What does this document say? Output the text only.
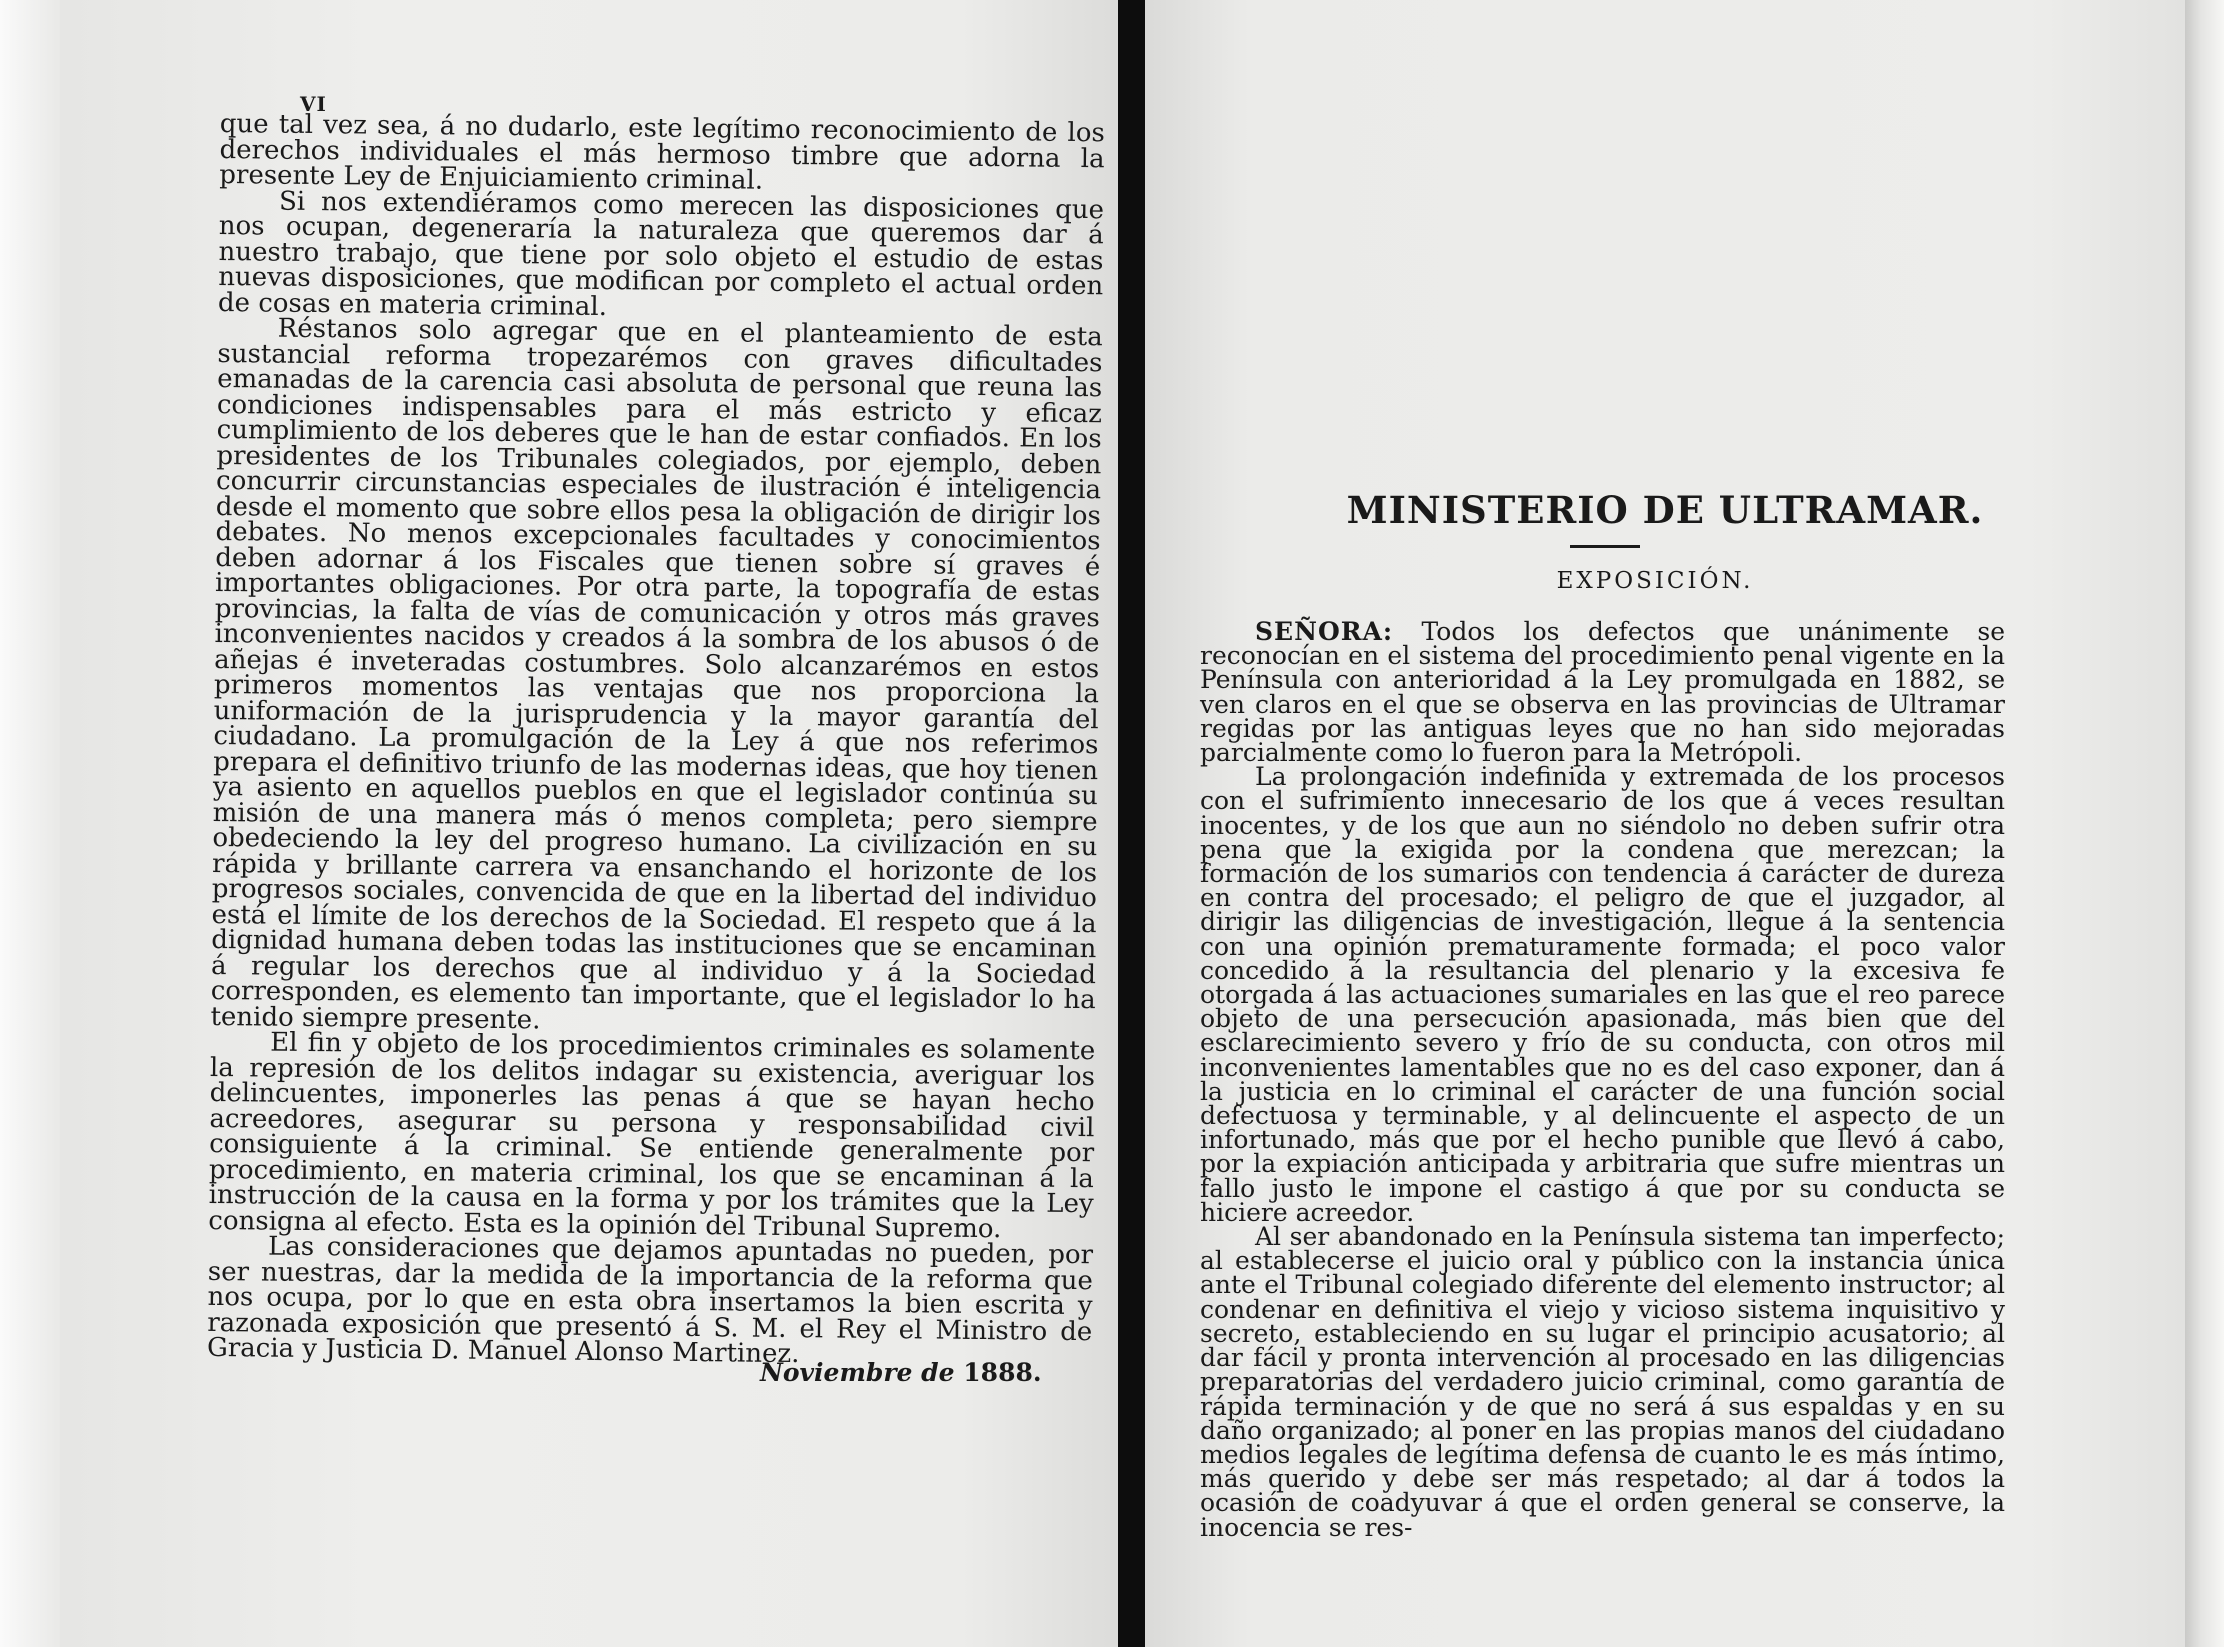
VI

que tal vez sea, á no dudarlo, este legítimo reconocimiento de los derechos individuales el más hermoso timbre que adorna la presente Ley de Enjuiciamiento criminal.

Si nos extendiéramos como merecen las disposiciones que nos ocupan, degeneraría la naturaleza que queremos dar á nuestro trabajo, que tiene por solo objeto el estudio de estas nuevas disposiciones, que modifican por completo el actual orden de cosas en materia criminal.

Réstanos solo agregar que en el planteamiento de esta sustancial reforma tropezarémos con graves dificultades emanadas de la carencia casi absoluta de personal que reuna las condiciones indispensables para el más estricto y eficaz cumplimiento de los deberes que le han de estar confiados. En los presidentes de los Tribunales colegiados, por ejemplo, deben concurrir circunstancias especiales de ilustración é inteligencia desde el momento que sobre ellos pesa la obligación de dirigir los debates. No menos excepcionales facultades y conocimientos deben adornar á los Fiscales que tienen sobre sí graves é importantes obligaciones. Por otra parte, la topografía de estas provincias, la falta de vías de comunicación y otros más graves inconvenientes nacidos y creados á la sombra de los abusos ó de añejas é inveteradas costumbres. Solo alcanzarémos en estos primeros momentos las ventajas que nos proporciona la uniformación de la jurisprudencia y la mayor garantía del ciudadano. La promulgación de la Ley á que nos referimos prepara el definitivo triunfo de las modernas ideas, que hoy tienen ya asiento en aquellos pueblos en que el legislador continúa su misión de una manera más ó menos completa; pero siempre obedeciendo la ley del progreso humano. La civilización en su rápida y brillante carrera va ensanchando el horizonte de los progresos sociales, convencida de que en la libertad del individuo está el límite de los derechos de la Sociedad. El respeto que á la dignidad humana deben todas las instituciones que se encaminan á regular los derechos que al individuo y á la Sociedad corresponden, es elemento tan importante, que el legislador lo ha tenido siempre presente.

El fin y objeto de los procedimientos criminales es solamente la represión de los delitos indagar su existencia, averiguar los delincuentes, imponerles las penas á que se hayan hecho acreedores, asegurar su persona y responsabilidad civil consiguiente á la criminal. Se entiende generalmente por procedimiento, en materia criminal, los que se encaminan á la instrucción de la causa en la forma y por los trámites que la Ley consigna al efecto. Esta es la opinión del Tribunal Supremo.

Las consideraciones que dejamos apuntadas no pueden, por ser nuestras, dar la medida de la importancia de la reforma que nos ocupa, por lo que en esta obra insertamos la bien escrita y razonada exposición que presentó á S. M. el Rey el Ministro de Gracia y Justicia D. Manuel Alonso Martinez.

Noviembre de 1888.
MINISTERIO DE ULTRAMAR.
EXPOSICIÓN.

SEÑORA: Todos los defectos que unánimente se reconocían en el sistema del procedimiento penal vigente en la Península con anterioridad á la Ley promulgada en 1882, se ven claros en el que se observa en las provincias de Ultramar regidas por las antiguas leyes que no han sido mejoradas parcialmente como lo fueron para la Metrópoli.

La prolongación indefinida y extremada de los procesos con el sufrimiento innecesario de los que á veces resultan inocentes, y de los que aun no siéndolo no deben sufrir otra pena que la exigida por la condena que merezcan; la formación de los sumarios con tendencia á carácter de dureza en contra del procesado; el peligro de que el juzgador, al dirigir las diligencias de investigación, llegue á la sentencia con una opinión prematuramente formada; el poco valor concedido á la resultancia del plenario y la excesiva fe otorgada á las actuaciones sumariales en las que el reo parece objeto de una persecución apasionada, más bien que del esclarecimiento severo y frío de su conducta, con otros mil inconvenientes lamentables que no es del caso exponer, dan á la justicia en lo criminal el carácter de una función social defectuosa y terminable, y al delincuente el aspecto de un infortunado, más que por el hecho punible que llevó á cabo, por la expiación anticipada y arbitraria que sufre mientras un fallo justo le impone el castigo á que por su conducta se hiciere acreedor.

Al ser abandonado en la Península sistema tan imperfecto; al establecerse el juicio oral y público con la instancia única ante el Tribunal colegiado diferente del elemento instructor; al condenar en definitiva el viejo y vicioso sistema inquisitivo y secreto, estableciendo en su lugar el principio acusatorio; al dar fácil y pronta intervención al procesado en las diligencias preparatorias del verdadero juicio criminal, como garantía de rápida terminación y de que no será á sus espaldas y en su daño organizado; al poner en las propias manos del ciudadano medios legales de legítima defensa de cuanto le es más íntimo, más querido y debe ser más respetado; al dar á todos la ocasión de coadyuvar á que el orden general se conserve, la inocencia se res-
